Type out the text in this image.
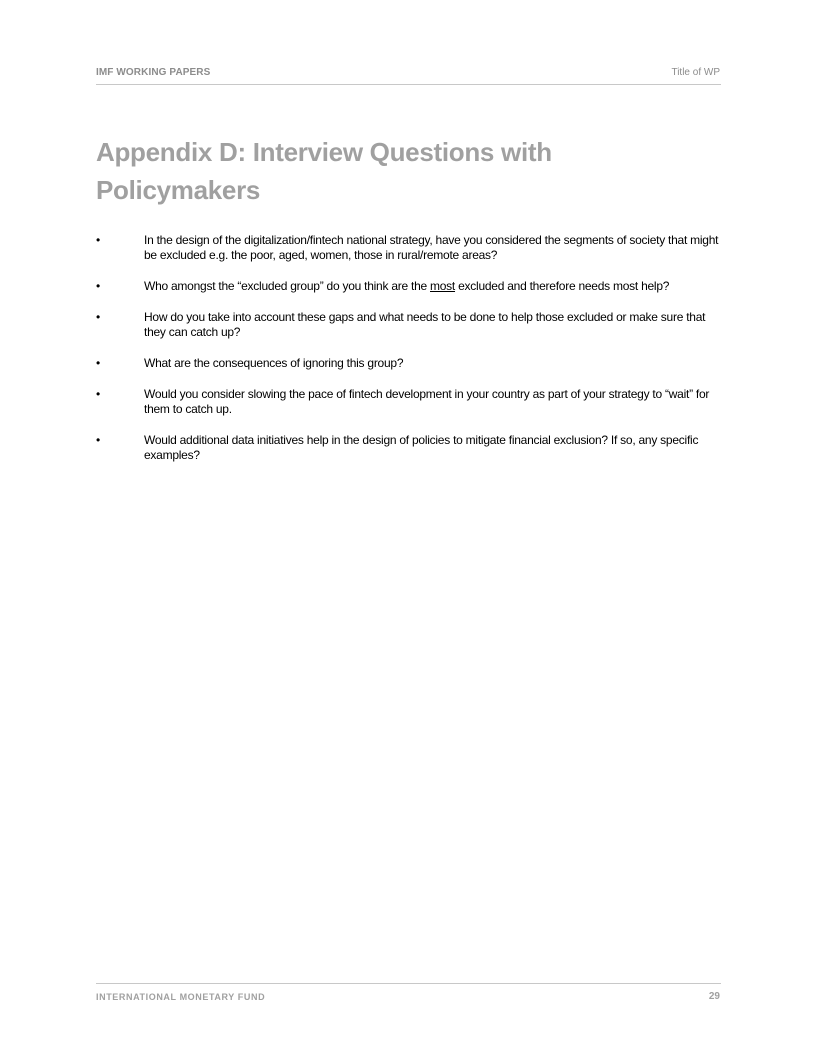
IMF WORKING PAPERS	Title of WP
Appendix D: Interview Questions with
Policymakers
•	In the design of the digitalization/fintech national strategy, have you considered the segments of society that might be excluded e.g. the poor, aged, women, those in rural/remote areas?
•	Who amongst the “excluded group” do you think are the most excluded and therefore needs most help?
•	How do you take into account these gaps and what needs to be done to help those excluded or make sure that they can catch up?
•	What are the consequences of ignoring this group?
•	Would you consider slowing the pace of fintech development in your country as part of your strategy to “wait” for them to catch up.
•	Would additional data initiatives help in the design of policies to mitigate financial exclusion? If so, any specific examples?
INTERNATIONAL MONETARY FUND	29
